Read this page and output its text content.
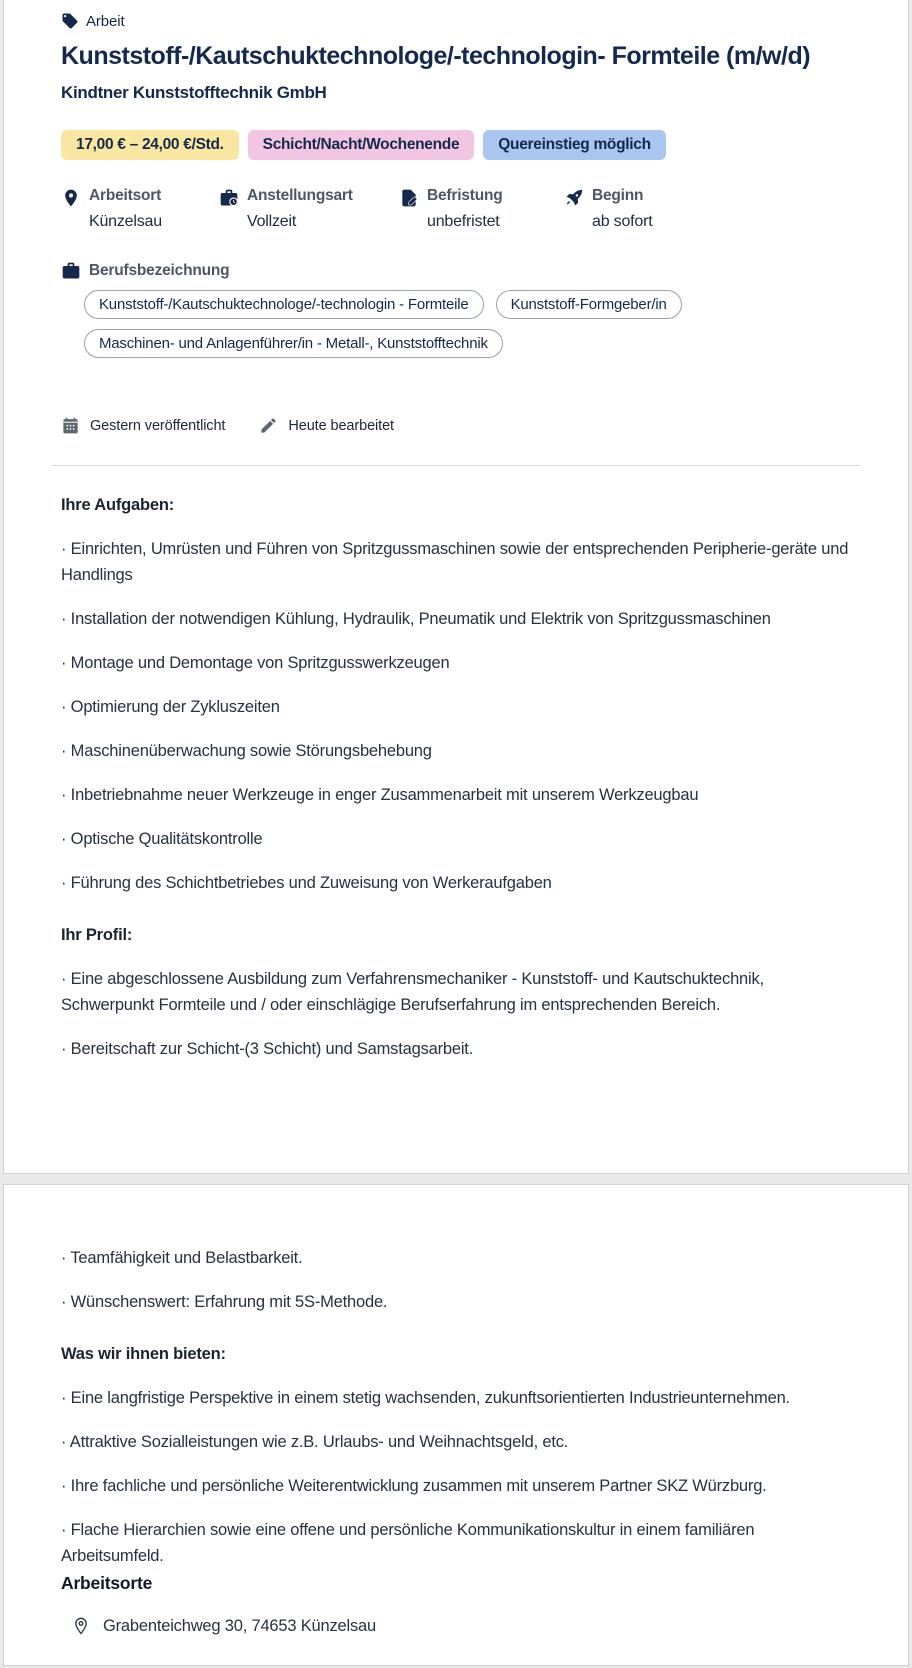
Arbeit
Kunststoff-/Kautschuktechnologe/-technologin- Formteile (m/w/d)
Kindtner Kunststofftechnik GmbH
17,00 € – 24,00 €/Std.	Schicht/Nacht/Wochenende	Quereinstieg möglich
Arbeitsort
Künzelsau
Anstellungsart
Vollzeit
Befristung
unbefristet
Beginn
ab sofort
Berufsbezeichnung
Kunststoff-/Kautschuktechnologe/-technologin - Formteile	Kunststoff-Formgeber/in
Maschinen- und Anlagenführer/in - Metall-, Kunststofftechnik
Gestern veröffentlicht	Heute bearbeitet
Ihre Aufgaben:

· Einrichten, Umrüsten und Führen von Spritzgussmaschinen sowie der entsprechenden Peripherie-geräte und Handlings

· Installation der notwendigen Kühlung, Hydraulik, Pneumatik und Elektrik von Spritzgussmaschinen

· Montage und Demontage von Spritzgusswerkzeugen

· Optimierung der Zykluszeiten

· Maschinenüberwachung sowie Störungsbehebung

· Inbetriebnahme neuer Werkzeuge in enger Zusammenarbeit mit unserem Werkzeugbau

· Optische Qualitätskontrolle

· Führung des Schichtbetriebes und Zuweisung von Werkeraufgaben

Ihr Profil:

· Eine abgeschlossene Ausbildung zum Verfahrensmechaniker - Kunststoff- und Kautschuktechnik, Schwerpunkt Formteile und / oder einschlägige Berufserfahrung im entsprechenden Bereich.

· Bereitschaft zur Schicht-(3 Schicht) und Samstagsarbeit.

· Teamfähigkeit und Belastbarkeit.

· Wünschenswert: Erfahrung mit 5S-Methode.

Was wir ihnen bieten:

· Eine langfristige Perspektive in einem stetig wachsenden, zukunftsorientierten Industrieunternehmen.

· Attraktive Sozialleistungen wie z.B. Urlaubs- und Weihnachtsgeld, etc.

· Ihre fachliche und persönliche Weiterentwicklung zusammen mit unserem Partner SKZ Würzburg.

· Flache Hierarchien sowie eine offene und persönliche Kommunikationskultur in einem familiären Arbeitsumfeld.

Arbeitsorte
Grabenteichweg 30, 74653 Künzelsau
